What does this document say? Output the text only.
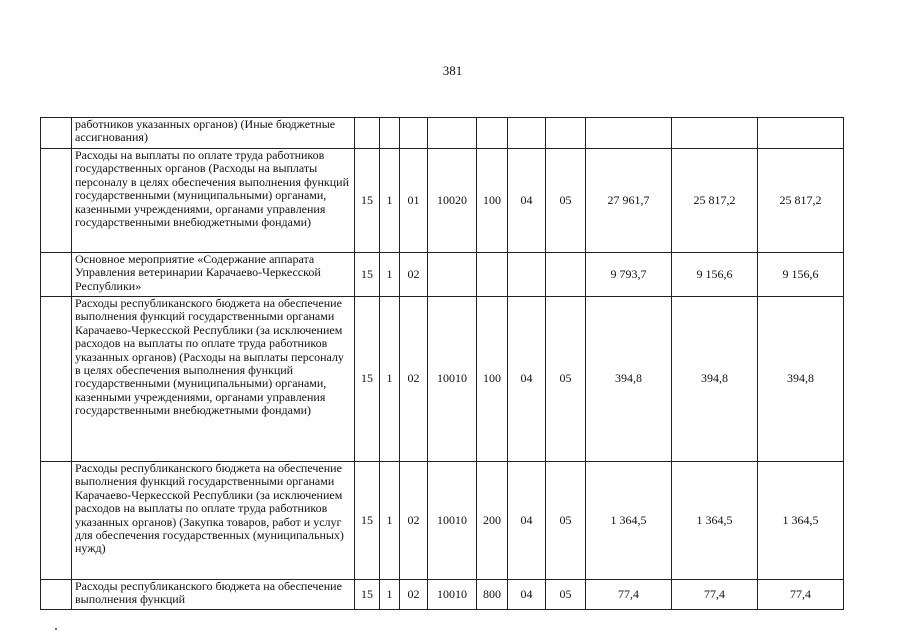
381
	работников указанных органов) (Иные бюджетные ассигнования)										
	Расходы на выплаты по оплате труда работников государственных органов (Расходы на выплаты персоналу в целях обеспечения выполнения функций государственными (муниципальными) органами, казенными учреждениями, органами управления государственными внебюджетными фондами)	15	1	01	10020	100	04	05	27 961,7	25 817,2	25 817,2
	Основное мероприятие «Содержание аппарата Управления ветеринарии Карачаево-Черкесской Республики»	15	1	02					9 793,7	9 156,6	9 156,6
	Расходы республиканского бюджета на обеспечение выполнения функций государственными органами Карачаево-Черкесской Республики (за исключением расходов на выплаты по оплате труда работников указанных органов) (Расходы на выплаты персоналу в целях обеспечения выполнения функций государственными (муниципальными) органами, казенными учреждениями, органами управления государственными внебюджетными фондами)	15	1	02	10010	100	04	05	394,8	394,8	394,8
	Расходы республиканского бюджета на обеспечение выполнения функций государственными органами Карачаево-Черкесской Республики (за исключением расходов на выплаты по оплате труда работников указанных органов) (Закупка товаров, работ и услуг для обеспечения государственных (муниципальных) нужд)	15	1	02	10010	200	04	05	1 364,5	1 364,5	1 364,5
	Расходы республиканского бюджета на обеспечение выполнения функций	15	1	02	10010	800	04	05	77,4	77,4	77,4
